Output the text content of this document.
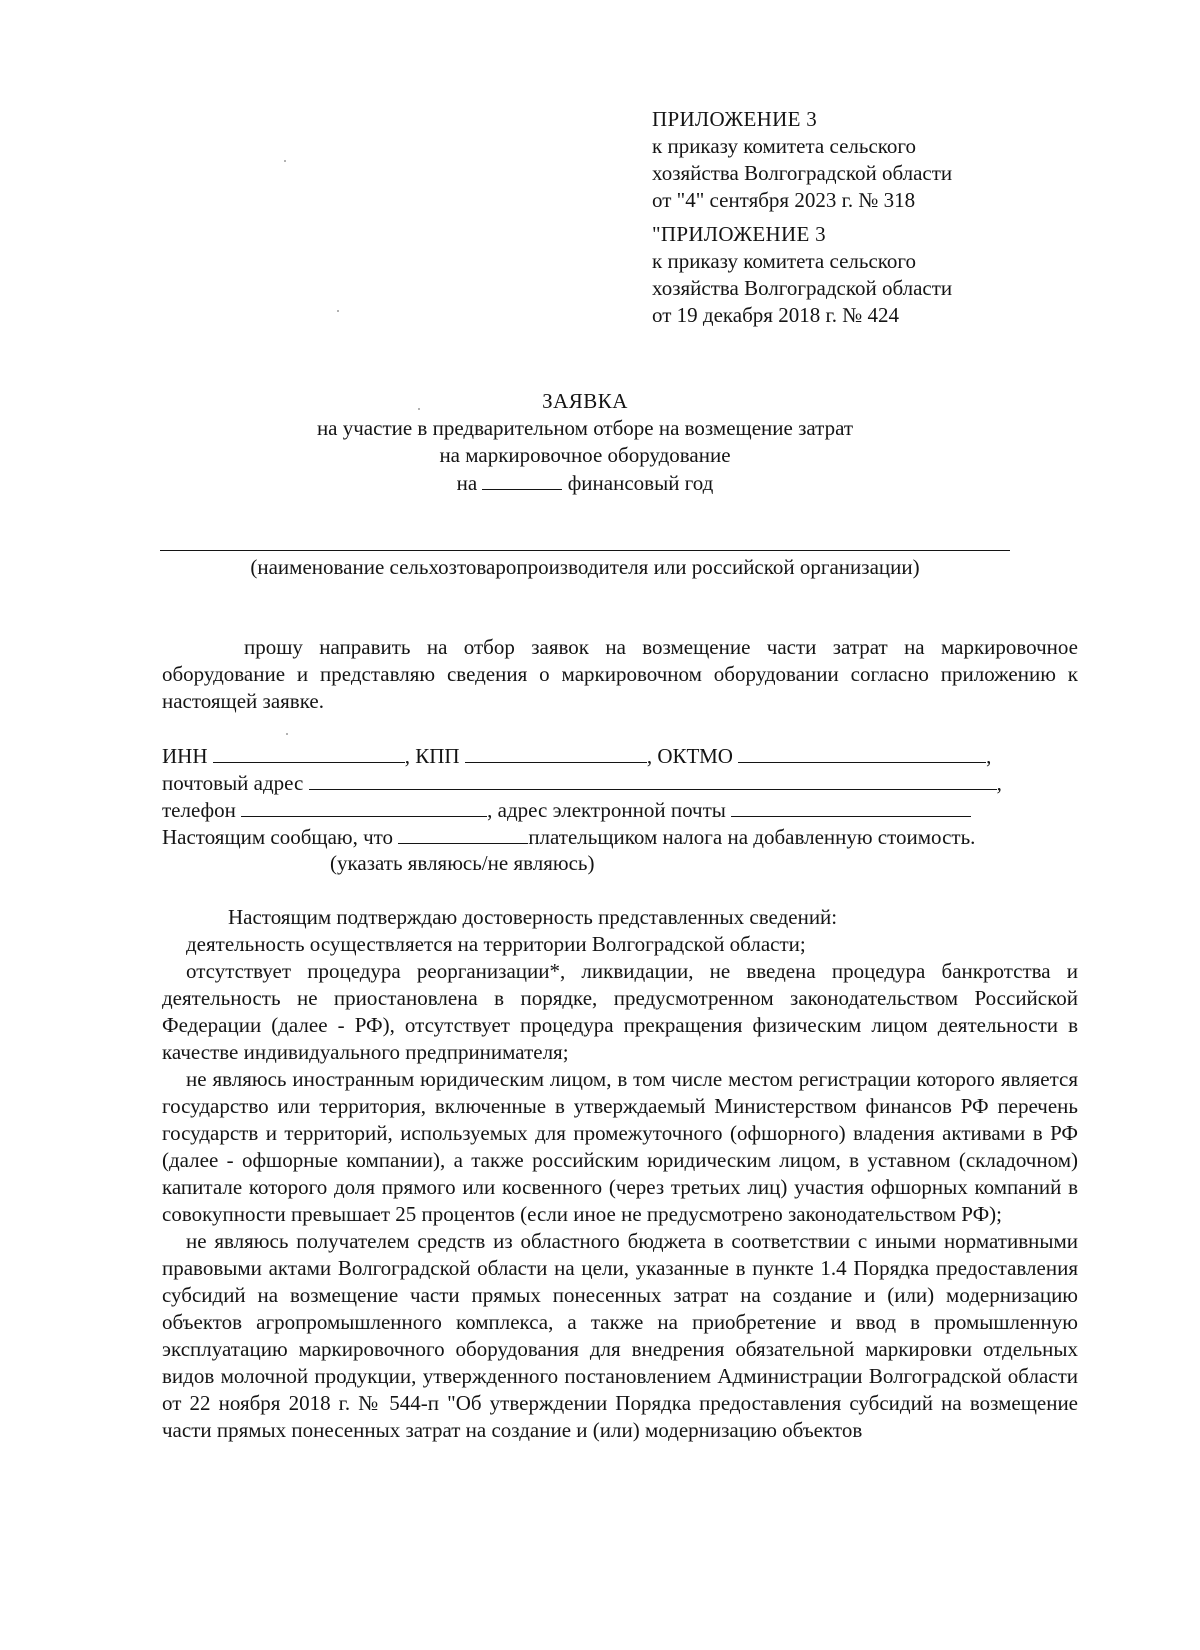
ПРИЛОЖЕНИЕ 3
к приказу комитета сельского
хозяйства Волгоградской области
от "4" сентября 2023 г. № 318
"ПРИЛОЖЕНИЕ 3
к приказу комитета сельского
хозяйства Волгоградской области
от 19 декабря 2018 г. № 424
ЗАЯВКА
на участие в предварительном отборе на возмещение затрат
на маркировочное оборудование
на	финансовый год
(наименование сельхозтоваропроизводителя или российской организации)
прошу направить на отбор заявок на возмещение части затрат на маркировочное оборудование и представляю сведения о маркировочном оборудовании согласно приложению к настоящей заявке.
ИНН	, КПП	, ОКТМО	,
почтовый адрес	,
телефон	, адрес электронной почты
Настоящим сообщаю, что	плательщиком налога на добавленную стоимость.
(указать являюсь/не являюсь)
Настоящим подтверждаю достоверность представленных сведений:
деятельность осуществляется на территории Волгоградской области;
отсутствует процедура реорганизации*, ликвидации, не введена процедура банкротства и деятельность не приостановлена в порядке, предусмотренном законодательством Российской Федерации (далее - РФ), отсутствует процедура прекращения физическим лицом деятельности в качестве индивидуального предпринимателя;
не являюсь иностранным юридическим лицом, в том числе местом регистрации которого является государство или территория, включенные в утверждаемый Министерством финансов РФ перечень государств и территорий, используемых для промежуточного (офшорного) владения активами в РФ (далее - офшорные компании), а также российским юридическим лицом, в уставном (складочном) капитале которого доля прямого или косвенного (через третьих лиц) участия офшорных компаний в совокупности превышает 25 процентов (если иное не предусмотрено законодательством РФ);
не являюсь получателем средств из областного бюджета в соответствии с иными нормативными правовыми актами Волгоградской области на цели, указанные в пункте 1.4 Порядка предоставления субсидий на возмещение части прямых понесенных затрат на создание и (или) модернизацию объектов агропромышленного комплекса, а также на приобретение и ввод в промышленную эксплуатацию маркировочного оборудования для внедрения обязательной маркировки отдельных видов молочной продукции, утвержденного постановлением Администрации Волгоградской области от 22 ноября 2018 г. № 544-п "Об утверждении Порядка предоставления субсидий на возмещение части прямых понесенных затрат на создание и (или) модернизацию объектов
